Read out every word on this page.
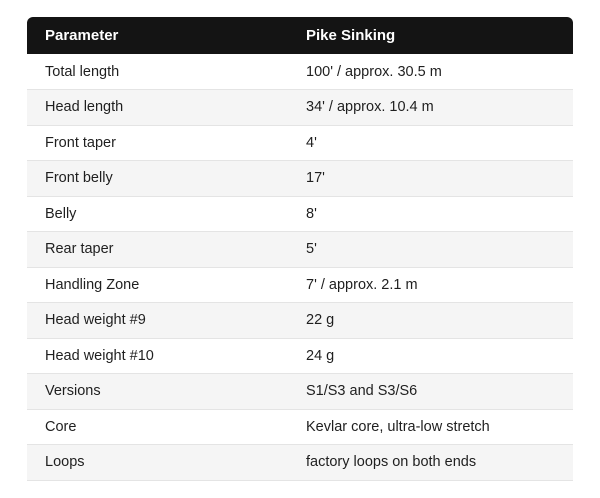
Parameter	Pike Sinking
Total length	100' / approx. 30.5 m
Head length	34' / approx. 10.4 m
Front taper	4'
Front belly	17'
Belly	8'
Rear taper	5'
Handling Zone	7' / approx. 2.1 m
Head weight #9	22 g
Head weight #10	24 g
Versions	S1/S3 and S3/S6
Core	Kevlar core, ultra-low stretch
Loops	factory loops on both ends
